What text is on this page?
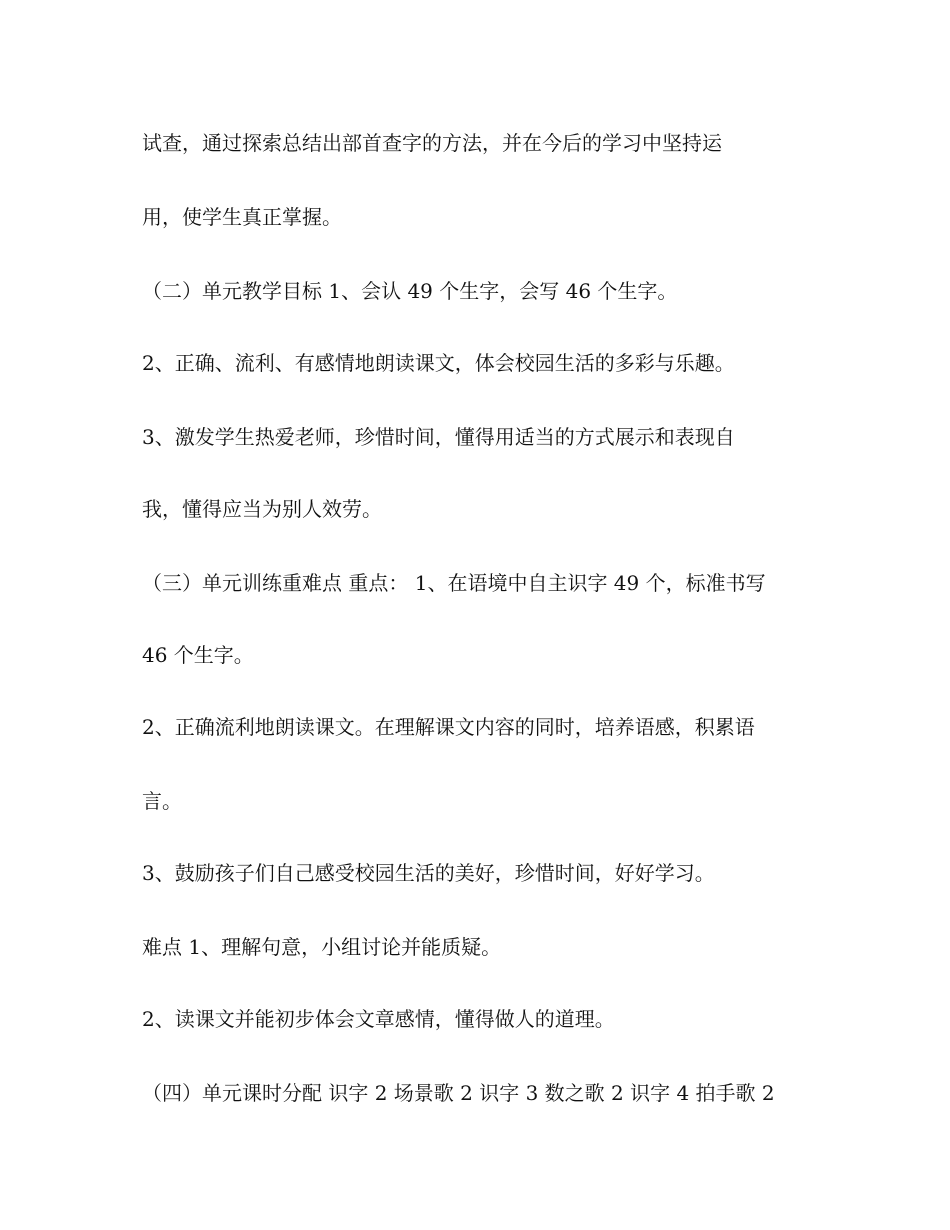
试查，通过探索总结出部首查字的方法，并在今后的学习中坚持运

用，使学生真正掌握。

（二）单元教学目标 1、会认 49 个生字，会写 46 个生字。

2、正确、流利、有感情地朗读课文，体会校园生活的多彩与乐趣。

3、激发学生热爱老师，珍惜时间，懂得用适当的方式展示和表现自

我，懂得应当为别人效劳。

（三）单元训练重难点 重点： 1、在语境中自主识字 49 个，标准书写

46 个生字。

2、正确流利地朗读课文。在理解课文内容的同时，培养语感，积累语

言。

3、鼓励孩子们自己感受校园生活的美好，珍惜时间，好好学习。

难点 1、理解句意，小组讨论并能质疑。

2、读课文并能初步体会文章感情，懂得做人的道理。

（四）单元课时分配 识字 2 场景歌 2 识字 3 数之歌 2 识字 4 拍手歌 2
